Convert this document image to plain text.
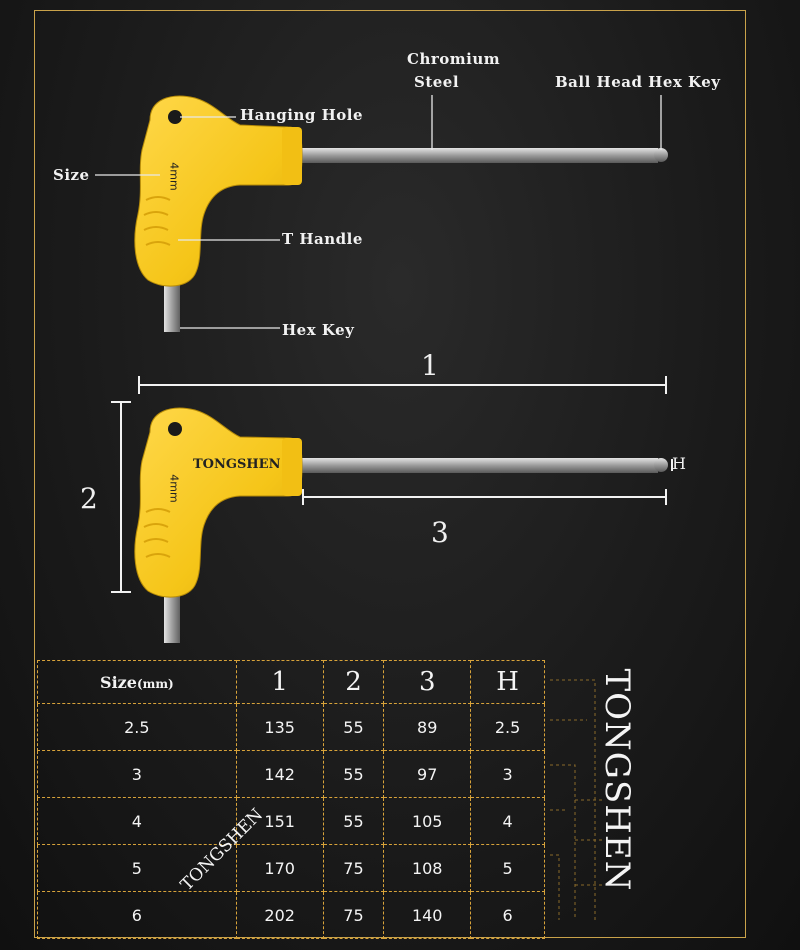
Chromium
Steel	Ball Head Hex Key
Hanging Hole
Size
T Handle
Hex Key
4mm
4mm
TONGSHEN
1
2
3
H
Size(mm)	1	2	3	H
2.5	135	55	89	2.5
3	142	55	97	3
4	151	55	105	4
5	170	75	108	5
6	202	75	140	6
TONGSHEN
TONGSHEN
